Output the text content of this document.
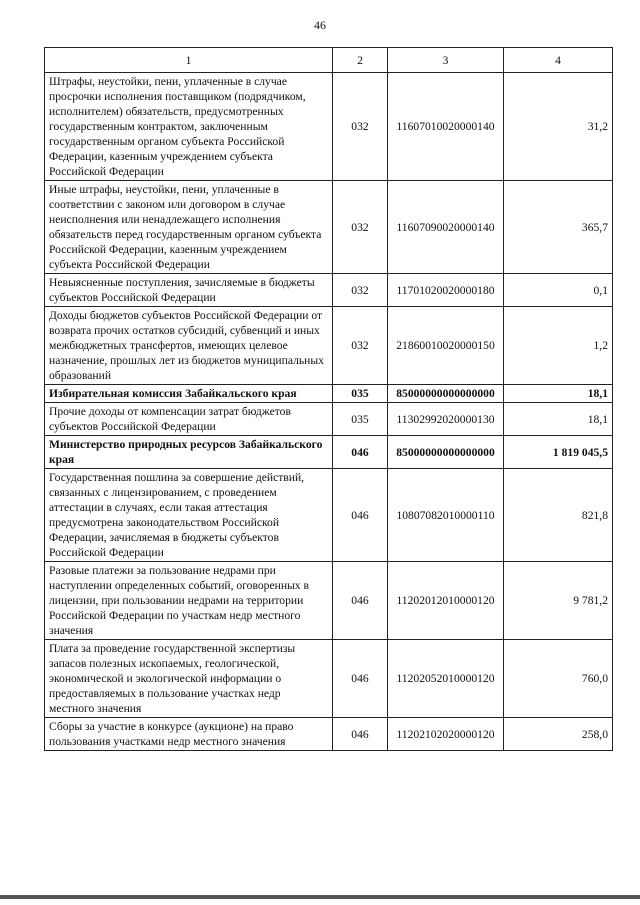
46
1	2	3	4
Штрафы, неустойки, пени, уплаченные в случае просрочки исполнения поставщиком (подрядчиком, исполнителем) обязательств, предусмотренных государственным контрактом, заключенным государственным органом субъекта Российской Федерации, казенным учреждением субъекта Российской Федерации	032	11607010020000140	31,2
Иные штрафы, неустойки, пени, уплаченные в соответствии с законом или договором в случае неисполнения или ненадлежащего исполнения обязательств перед государственным органом субъекта Российской Федерации, казенным учреждением субъекта Российской Федерации	032	11607090020000140	365,7
Невыясненные поступления, зачисляемые в бюджеты субъектов Российской Федерации	032	11701020020000180	0,1
Доходы бюджетов субъектов Российской Федерации от возврата прочих остатков субсидий, субвенций и иных межбюджетных трансфертов, имеющих целевое назначение, прошлых лет из бюджетов муниципальных образований	032	21860010020000150	1,2
Избирательная комиссия Забайкальского края	035	85000000000000000	18,1
Прочие доходы от компенсации затрат бюджетов субъектов Российской Федерации	035	11302992020000130	18,1
Министерство природных ресурсов Забайкальского края	046	85000000000000000	1 819 045,5
Государственная пошлина за совершение действий, связанных с лицензированием, с проведением аттестации в случаях, если такая аттестация предусмотрена законодательством Российской Федерации, зачисляемая в бюджеты субъектов Российской Федерации	046	10807082010000110	821,8
Разовые платежи за пользование недрами при наступлении определенных событий, оговоренных в лицензии, при пользовании недрами на территории Российской Федерации по участкам недр местного значения	046	11202012010000120	9 781,2
Плата за проведение государственной экспертизы запасов полезных ископаемых, геологической, экономической и экологической информации о предоставляемых в пользование участках недр местного значения	046	11202052010000120	760,0
Сборы за участие в конкурсе (аукционе) на право пользования участками недр местного значения	046	11202102020000120	258,0
